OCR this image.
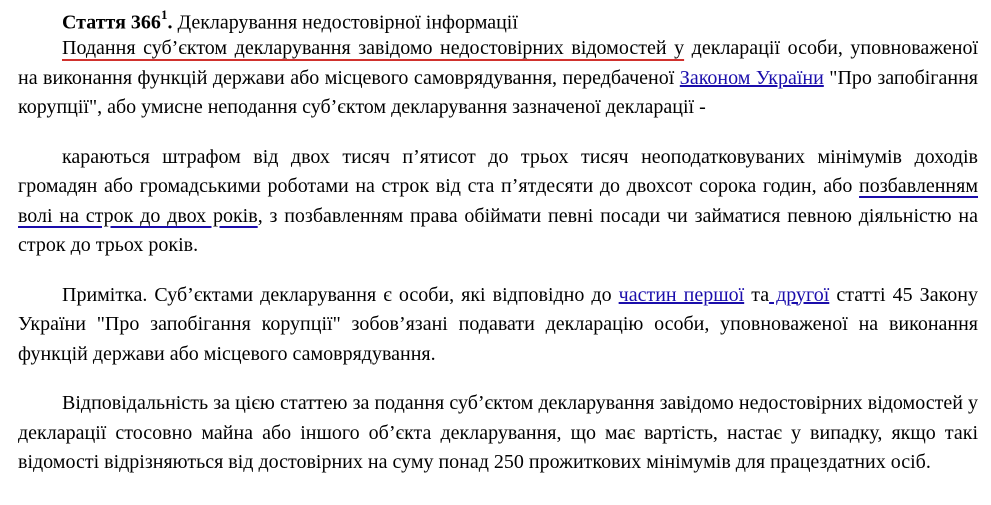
Стаття $366^1$. Декларування недостовірної інформації

Подання суб’єктом декларування завідомо недостовірних відомостей у декларації особи, уповноваженої на виконання функцій держави або місцевого самоврядування, передбаченої Законом України "Про запобігання корупції", або умисне неподання суб’єктом декларування зазначеної декларації -

караються штрафом від двох тисяч п’ятисот до трьох тисяч неоподатковуваних мінімумів доходів громадян або громадськими роботами на строк від ста п’ятдесяти до двохсот сорока годин, або позбавленням волі на строк до двох років, з позбавленням права обіймати певні посади чи займатися певною діяльністю на строк до трьох років.

Примітка. Суб’єктами декларування є особи, які відповідно до частин першої та другої статті 45 Закону України "Про запобігання корупції" зобов’язані подавати декларацію особи, уповноваженої на виконання функцій держави або місцевого самоврядування.

Відповідальність за цією статтею за подання суб’єктом декларування завідомо недостовірних відомостей у декларації стосовно майна або іншого об’єкта декларування, що має вартість, настає у випадку, якщо такі відомості відрізняються від достовірних на суму понад 250 прожиткових мінімумів для працездатних осіб.
